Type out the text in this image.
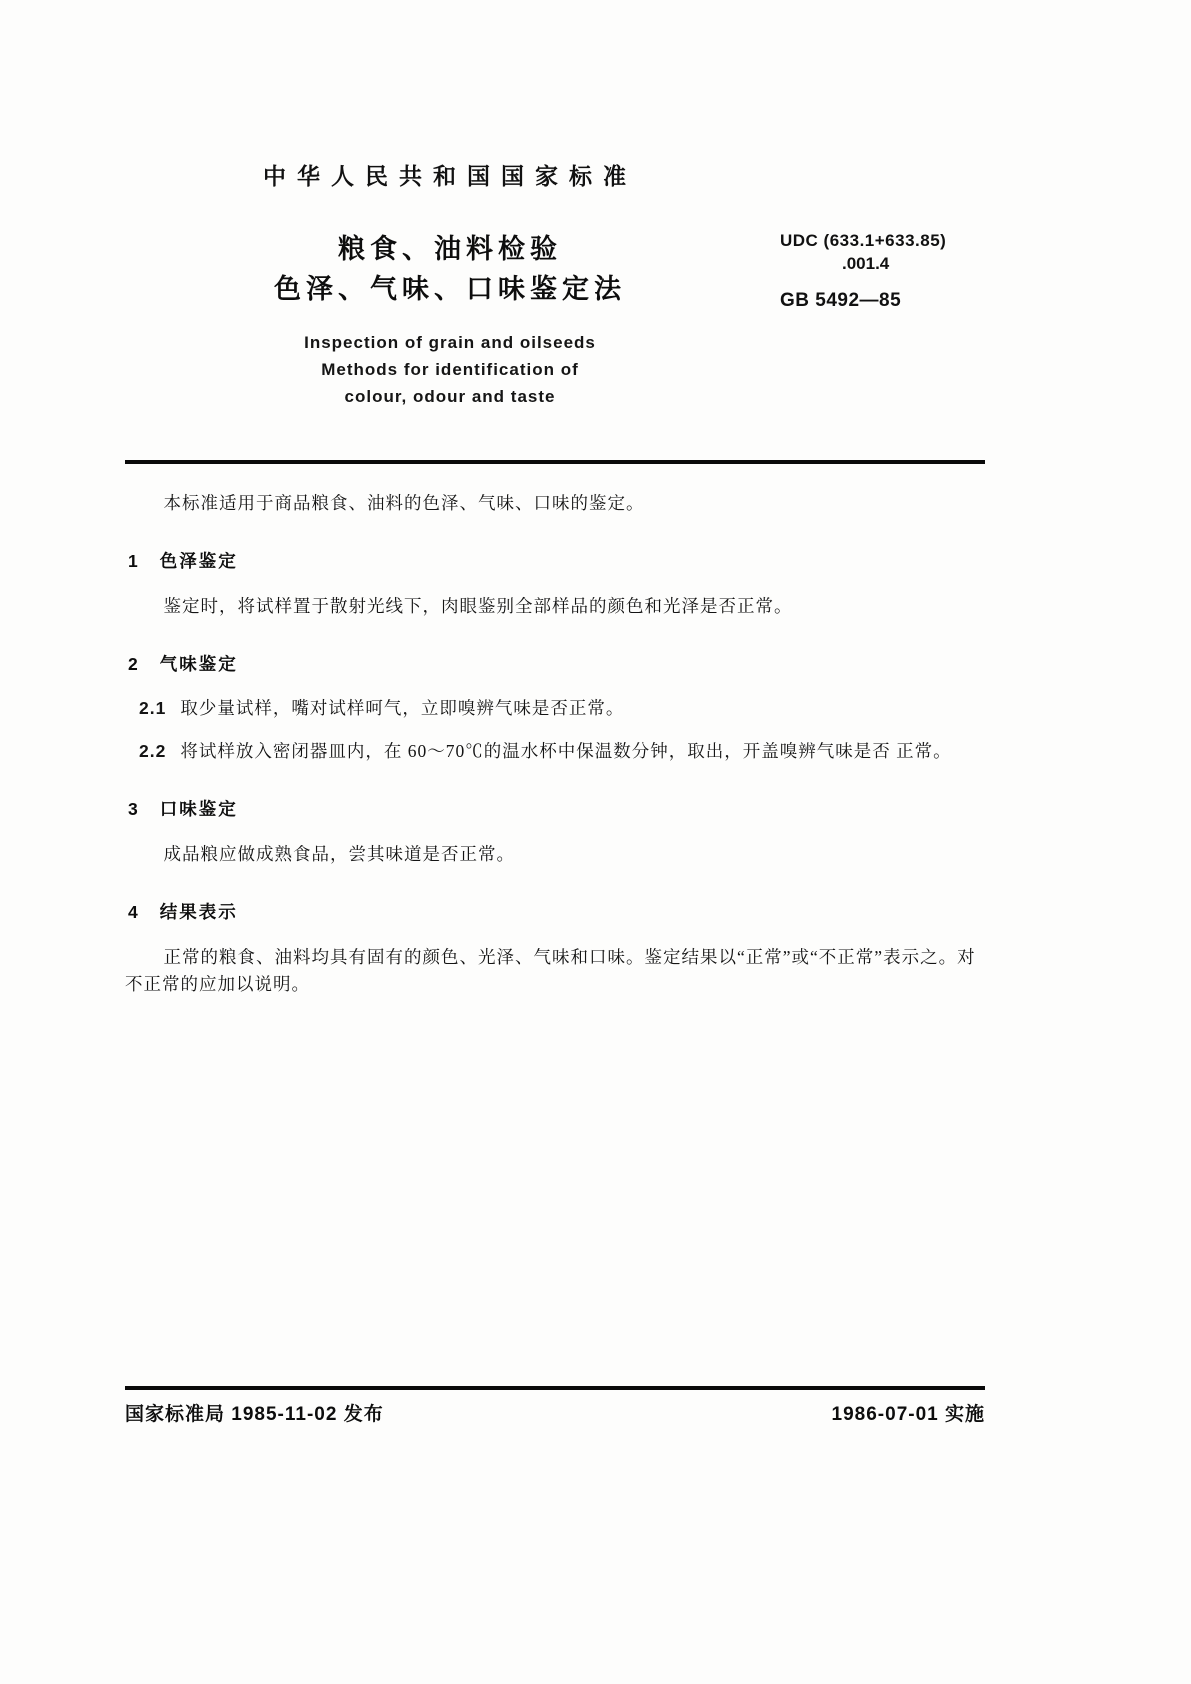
中华人民共和国国家标准
粮食、油料检验
色泽、气味、口味鉴定法
Inspection of grain and oilseeds
Methods for identification of
colour, odour and taste
UDC (633.1+633.85)
.001.4
GB 5492—85

本标准适用于商品粮食、油料的色泽、气味、口味的鉴定。

1 色泽鉴定

鉴定时，将试样置于散射光线下，肉眼鉴别全部样品的颜色和光泽是否正常。

2 气味鉴定

2.1 取少量试样，嘴对试样呵气，立即嗅辨气味是否正常。

2.2 将试样放入密闭器皿内，在 60～70℃的温水杯中保温数分钟，取出，开盖嗅辨气味是否 正常。

3 口味鉴定

成品粮应做成熟食品，尝其味道是否正常。

4 结果表示

正常的粮食、油料均具有固有的颜色、光泽、气味和口味。鉴定结果以“正常”或“不正常”表示之。对不正常的应加以说明。

国家标准局 1985-11-02 发布	1986-07-01 实施
